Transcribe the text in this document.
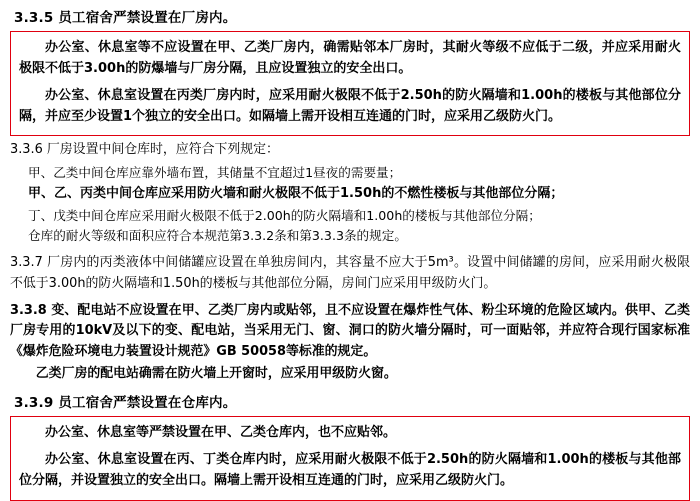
3.3.5 员工宿舍严禁设置在厂房内。
办公室、休息室等不应设置在甲、乙类厂房内，确需贴邻本厂房时，其耐火等级不应低于二级，并应采用耐火极限不低于3.00h的防爆墙与厂房分隔，且应设置独立的安全出口。
办公室、休息室设置在丙类厂房内时，应采用耐火极限不低于2.50h的防火隔墙和1.00h的楼板与其他部位分隔，并应至少设置1个独立的安全出口。如隔墙上需开设相互连通的门时，应采用乙级防火门。
3.3.6 厂房设置中间仓库时，应符合下列规定：
甲、乙类中间仓库应靠外墙布置，其储量不宜超过1昼夜的需要量；
甲、乙、丙类中间仓库应采用防火墙和耐火极限不低于1.50h的不燃性楼板与其他部位分隔；
丁、戊类中间仓库应采用耐火极限不低于2.00h的防火隔墙和1.00h的楼板与其他部位分隔；
仓库的耐火等级和面积应符合本规范第3.3.2条和第3.3.3条的规定。
3.3.7 厂房内的丙类液体中间储罐应设置在单独房间内，其容量不应大于5m³。设置中间储罐的房间，应采用耐火极限不低于3.00h的防火隔墙和1.50h的楼板与其他部位分隔，房间门应采用甲级防火门。
3.3.8 变、配电站不应设置在甲、乙类厂房内或贴邻，且不应设置在爆炸性气体、粉尘环境的危险区域内。供甲、乙类厂房专用的10kV及以下的变、配电站，当采用无门、窗、洞口的防火墙分隔时，可一面贴邻，并应符合现行国家标准《爆炸危险环境电力装置设计规范》GB 50058等标准的规定。
乙类厂房的配电站确需在防火墙上开窗时，应采用甲级防火窗。
3.3.9 员工宿舍严禁设置在仓库内。
办公室、休息室等严禁设置在甲、乙类仓库内，也不应贴邻。
办公室、休息室设置在丙、丁类仓库内时，应采用耐火极限不低于2.50h的防火隔墙和1.00h的楼板与其他部位分隔，并设置独立的安全出口。隔墙上需开设相互连通的门时，应采用乙级防火门。
